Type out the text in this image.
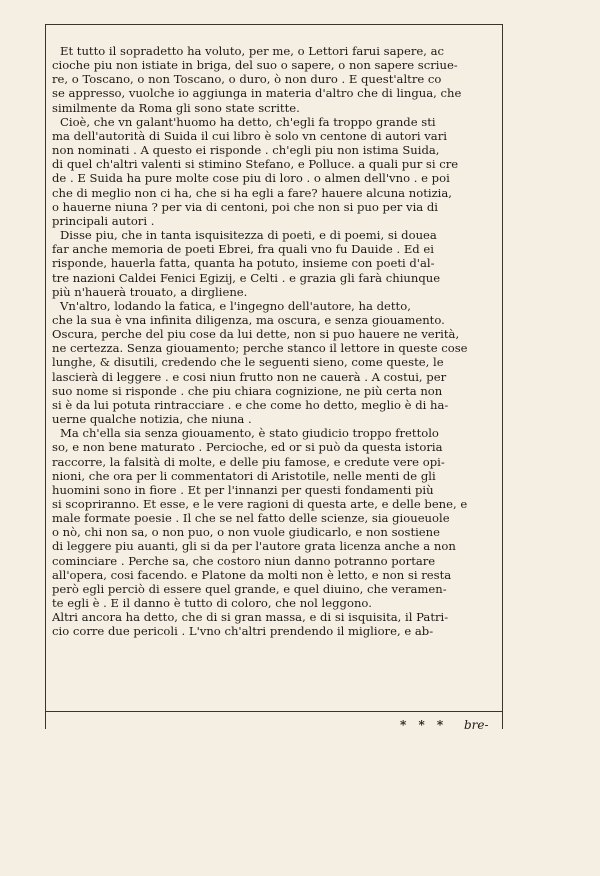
Et tutto il sopradetto ha voluto, per me, o Lettori farui sapere, ac
cioche piu non istiate in briga, del suo o sapere, o non sapere scriue-
re, o Toscano, o non Toscano, o duro, ò non duro . E quest'altre co
se appresso, vuolche io aggiunga in materia d'altro che di lingua, che
similmente da Roma gli sono state scritte.
Cioè, che vn galant'huomo ha detto, ch'egli fa troppo grande sti
ma dell'autorità di Suida il cui libro è solo vn centone di autori vari
non nominati . A questo ei risponde . ch'egli piu non istima Suida,
di quel ch'altri valenti si stimino Stefano, e Polluce. a quali pur si cre
de . E Suida ha pure molte cose piu di loro . o almen dell'vno . e poi
che di meglio non ci ha, che si ha egli a fare? hauere alcuna notizia,
o hauerne niuna ? per via di centoni, poi che non si puo per via di
principali autori .
Disse piu, che in tanta isquisitezza di poeti, e di poemi, si douea
far anche memoria de poeti Ebrei, fra quali vno fu Dauide . Ed ei
risponde, hauerla fatta, quanta ha potuto, insieme con poeti d'al-
tre nazioni Caldei Fenici Egizij, e Celti . e grazia gli farà chiunque
più n'hauerà trouato, a dirgliene.
Vn'altro, lodando la fatica, e l'ingegno dell'autore, ha detto,
che la sua è vna infinita diligenza, ma oscura, e senza giouamento.
Oscura, perche del piu cose da lui dette, non si puo hauere ne verità,
ne certezza. Senza giouamento; perche stanco il lettore in queste cose
lunghe, & disutili, credendo che le seguenti sieno, come queste, le
lascierà di leggere . e cosi niun frutto non ne cauerà . A costui, per
suo nome si risponde . che piu chiara cognizione, ne più certa non
si è da lui potuta rintracciare . e che come ho detto, meglio è di ha-
uerne qualche notizia, che niuna .
Ma ch'ella sia senza giouamento, è stato giudicio troppo frettolo
so, e non bene maturato . Percioche, ed or si può da questa istoria
raccorre, la falsità di molte, e delle piu famose, e credute vere opi-
nioni, che ora per li commentatori di Aristotile, nelle menti de gli
huomini sono in fiore . Et per l'innanzi per questi fondamenti più
si scopriranno. Et esse, e le vere ragioni di questa arte, e delle bene, e
male formate poesie . Il che se nel fatto delle scienze, sia gioueuole
o nò, chi non sa, o non puo, o non vuole giudicarlo, e non sostiene
di leggere piu auanti, gli si da per l'autore grata licenza anche a non
cominciare . Perche sa, che costoro niun danno potranno portare
all'opera, cosi facendo. e Platone da molti non è letto, e non si resta
però egli perciò di essere quel grande, e quel diuino, che veramen-
te egli è . E il danno è tutto di coloro, che nol leggono.
Altri ancora ha detto, che di si gran massa, e di si isquisita, il Patri-
cio corre due pericoli . L'vno ch'altri prendendo il migliore, e ab-
* * * bre-
